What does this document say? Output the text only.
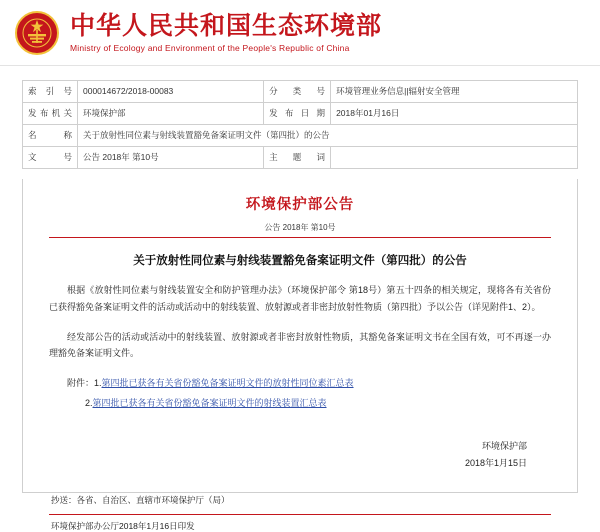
中华人民共和国生态环境部
Ministry of Ecology and Environment of the People's Republic of China
索 引 号	000014672/2018-00083	分类号	环境管理业务信息||辐射安全管理
发布机关	环境保护部	发布日期	2018年01月16日
名 称	关于放射性同位素与射线装置豁免备案证明文件（第四批）的公告		
文 号	公告 2018年 第10号	主 题 词	
环境保护部公告
公告 2018年 第10号
关于放射性同位素与射线装置豁免备案证明文件（第四批）的公告

根据《放射性同位素与射线装置安全和防护管理办法》（环境保护部令 第18号）第五十四条的相关规定，现将各有关省份已获得豁免备案证明文件的活动或活动中的射线装置、放射源或者非密封放射性物质（第四批）予以公告（详见附件1、2）。

经发部公告的活动或活动中的射线装置、放射源或者非密封放射性物质，其豁免备案证明文书在全国有效，可不再逐一办理豁免备案证明文件。

附件：1.第四批已获各有关省份豁免备案证明文件的放射性同位素汇总表
2.第四批已获各有关省份豁免备案证明文件的射线装置汇总表
环境保护部
2018年1月15日
抄送：各省、自治区、直辖市环境保护厅（局）
环境保护部办公厅2018年1月16日印发
